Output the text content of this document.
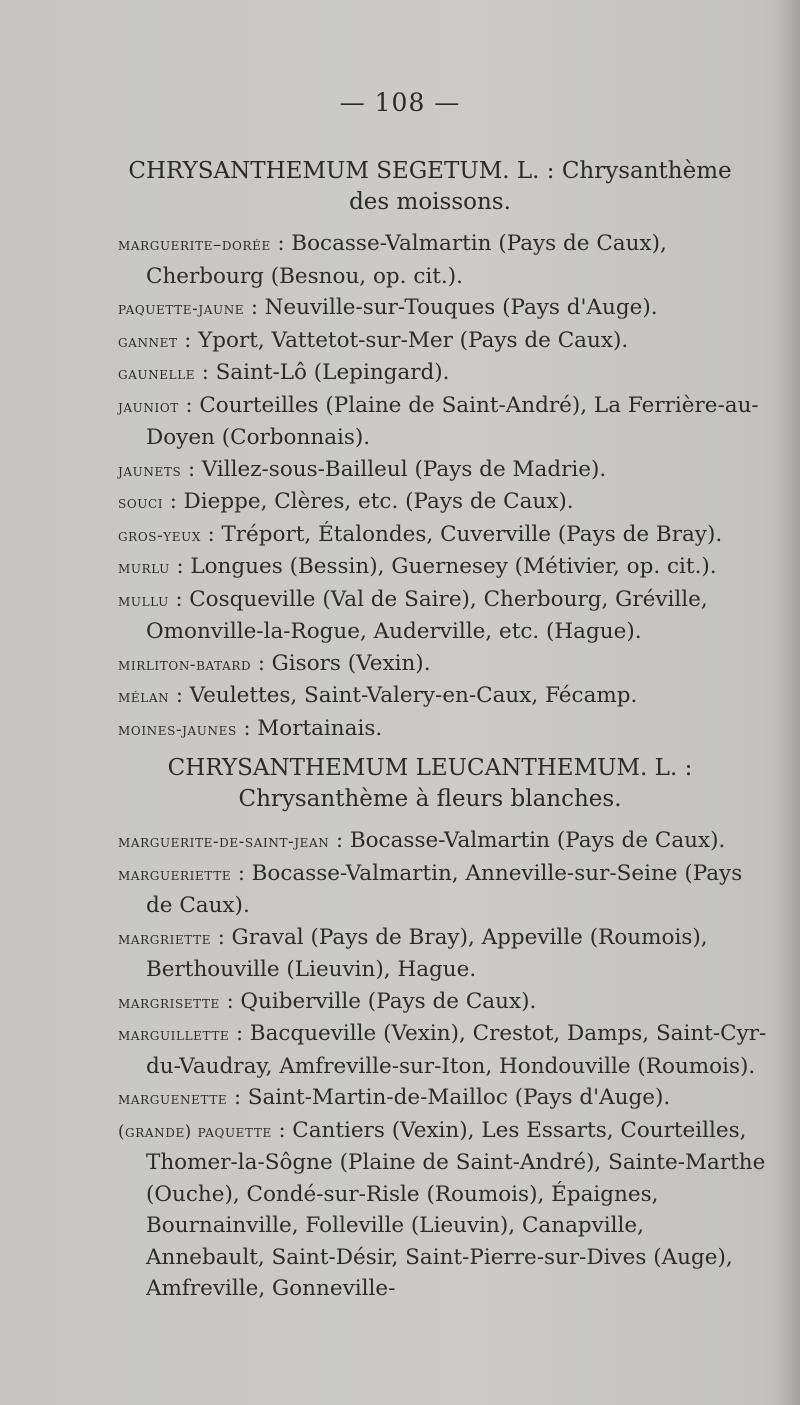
— 108 —
CHRYSANTHEMUM SEGETUM. L. : Chrysanthème des moissons.

marguerite–dorée : Bocasse-Valmartin (Pays de Caux), Cherbourg (Besnou, op. cit.).

paquette-jaune : Neuville-sur-Touques (Pays d'Auge).

gannet : Yport, Vattetot-sur-Mer (Pays de Caux).

gaunelle : Saint-Lô (Lepingard).

jauniot : Courteilles (Plaine de Saint-André), La Ferrière-au-Doyen (Corbonnais).

jaunets : Villez-sous-Bailleul (Pays de Madrie).

souci : Dieppe, Clères, etc. (Pays de Caux).

gros-yeux : Tréport, Étalondes, Cuverville (Pays de Bray).

murlu : Longues (Bessin), Guernesey (Métivier, op. cit.).

mullu : Cosqueville (Val de Saire), Cherbourg, Gréville, Omonville-la-Rogue, Auderville, etc. (Hague).

mirliton-batard : Gisors (Vexin).

mélan : Veulettes, Saint-Valery-en-Caux, Fécamp.

moines-jaunes : Mortainais.

CHRYSANTHEMUM LEUCANTHEMUM. L. : Chrysanthème à fleurs blanches.

marguerite-de-saint-jean : Bocasse-Valmartin (Pays de Caux).

margueriette : Bocasse-Valmartin, Anneville-sur-Seine (Pays de Caux).

margriette : Graval (Pays de Bray), Appeville (Roumois), Berthouville (Lieuvin), Hague.

margrisette : Quiberville (Pays de Caux).

marguillette : Bacqueville (Vexin), Crestot, Damps, Saint-Cyr-du-Vaudray, Amfreville-sur-Iton, Hondouville (Roumois).

marguenette : Saint-Martin-de-Mailloc (Pays d'Auge).

(grande) paquette : Cantiers (Vexin), Les Essarts, Courteilles, Thomer-la-Sôgne (Plaine de Saint-André), Sainte-Marthe (Ouche), Condé-sur-Risle (Roumois), Épaignes, Bournainville, Folleville (Lieuvin), Canapville, Annebault, Saint-Désir, Saint-Pierre-sur-Dives (Auge), Amfreville, Gonneville-
